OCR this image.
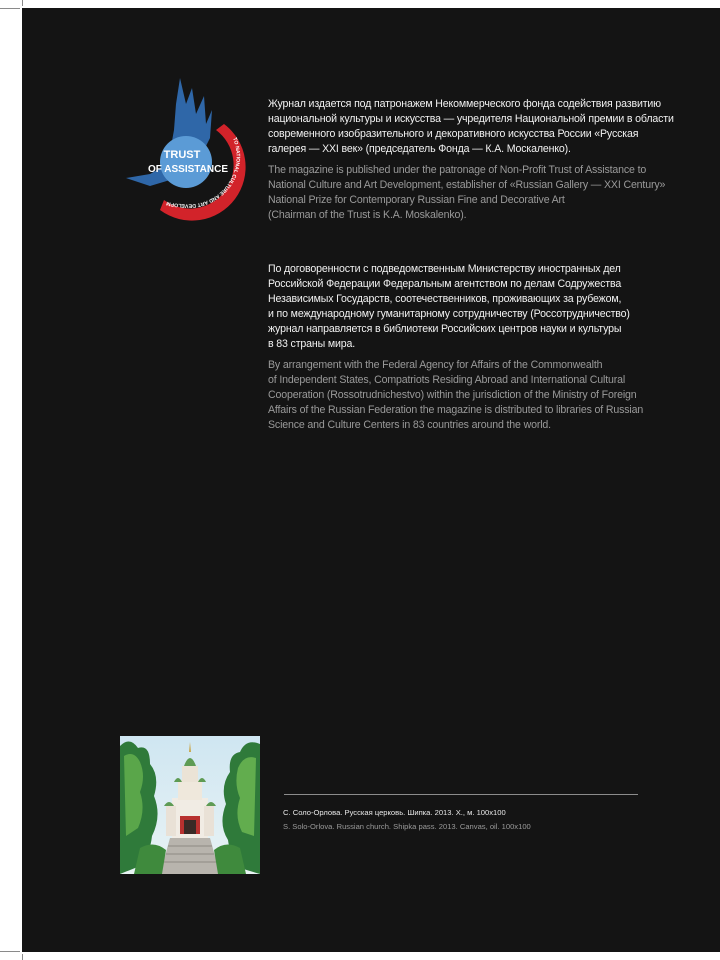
TRUST
OF ASSISTANCE
TO NATIONAL CULTURE AND ART DEVELOPM

Журнал издается под патронажем Некоммерческого фонда содействия развитию

национальной культуры и искусства — учредителя Национальной премии в области

современного изобразительного и декоративного искусства России «Русская

галерея — XXI век» (председатель Фонда — К.А. Москаленко).

The magazine is published under the patronage of Non-Profit Trust of Assistance to

National Culture and Art Development, establisher of «Russian Gallery — XXI Century»

National Prize for Contemporary Russian Fine and Decorative Art

(Chairman of the Trust is K.A. Moskalenko).

По договоренности с подведомственным Министерству иностранных дел

Российской Федерации Федеральным агентством по делам Содружества

Независимых Государств, соотечественников, проживающих за рубежом,

и по международному гуманитарному сотрудничеству (Россотрудничество)

журнал направляется в библиотеки Российских центров науки и культуры

в 83 страны мира.

By arrangement with the Federal Agency for Affairs of the Commonwealth

of Independent States, Compatriots Residing Abroad and International Cultural

Cooperation (Rossotrudnichestvo) within the jurisdiction of the Ministry of Foreign

Affairs of the Russian Federation the magazine is distributed to libraries of Russian

Science and Culture Centers in 83 countries around the world.

С. Соло-Орлова. Русская церковь. Шипка. 2013. Х., м. 100х100
S. Solo-Orlova. Russian church. Shipka pass. 2013. Canvas, oil. 100x100
